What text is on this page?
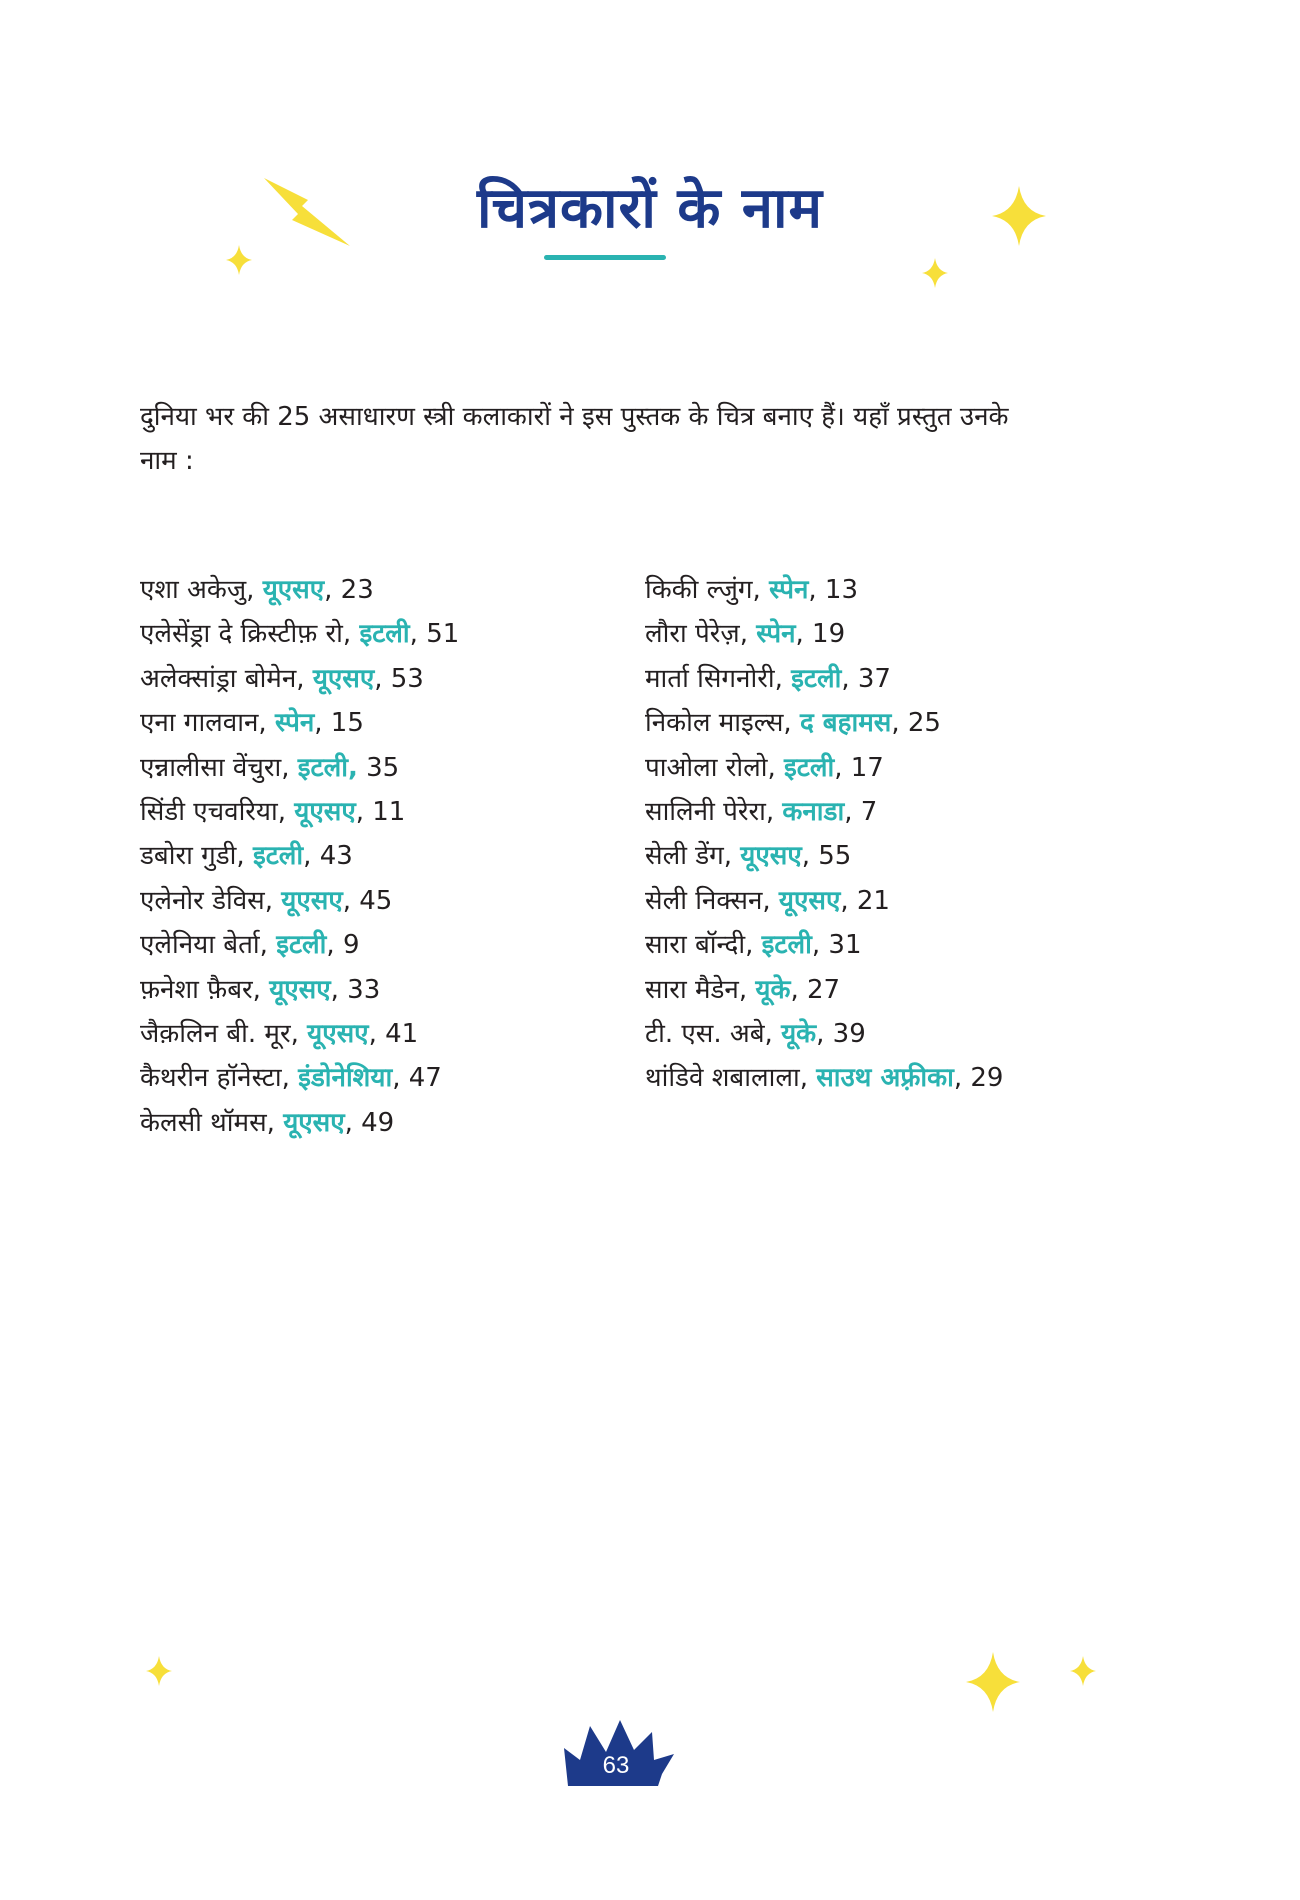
चित्रकारों के नाम
दुनिया भर की 25 असाधारण स्त्री कलाकारों ने इस पुस्तक के चित्र बनाए हैं। यहाँ प्रस्तुत उनके
नाम :
एशा अकेजु, यूएसए, 23
एलेसेंड्रा दे क्रिस्टीफ़ रो, इटली, 51
अलेक्सांड्रा बोमेन, यूएसए, 53
एना गालवान, स्पेन, 15
एन्नालीसा वेंचुरा, इटली, 35
सिंडी एचवरिया, यूएसए, 11
डबोरा गुडी, इटली, 43
एलेनोर डेविस, यूएसए, 45
एलेनिया बेर्ता, इटली, 9
फ़नेशा फ़ैबर, यूएसए, 33
जैक़लिन बी. मूर, यूएसए, 41
कैथरीन हॉनेस्टा, इंडोनेशिया, 47
केलसी थॉमस, यूएसए, 49
किकी ल्जुंग, स्पेन, 13
लौरा पेरेज़, स्पेन, 19
मार्ता सिगनोरी, इटली, 37
निकोल माइल्स, द बहामस, 25
पाओला रोलो, इटली, 17
सालिनी पेरेरा, कनाडा, 7
सेली डेंग, यूएसए, 55
सेली निक्सन, यूएसए, 21
सारा बॉन्दी, इटली, 31
सारा मैडेन, यूके, 27
टी. एस. अबे, यूके, 39
थांडिवे शबालाला, साउथ अफ़्रीका, 29
63
